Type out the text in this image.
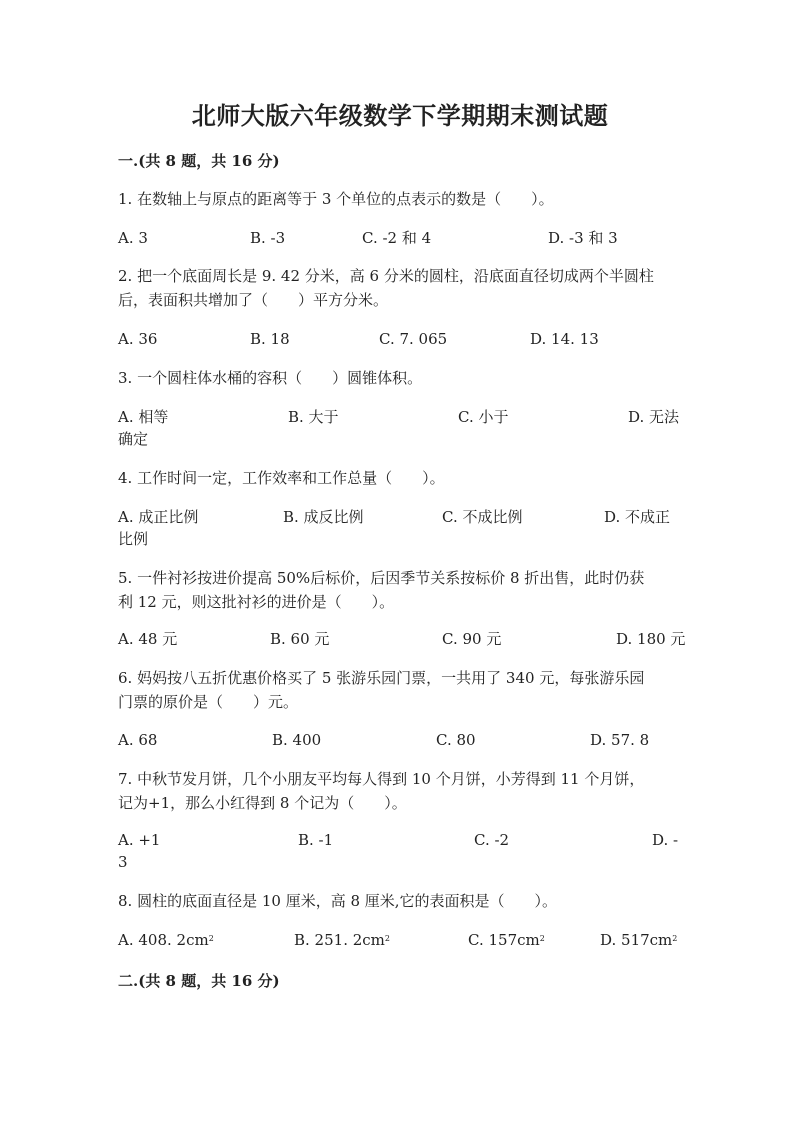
北师大版六年级数学下学期期末测试题
一.(共 8 题，共 16 分)
1. 在数轴上与原点的距离等于 3 个单位的点表示的数是（　　）。
A. 3	B. -3	C. -2 和 4	D. -3 和 3
2. 把一个底面周长是 9. 42 分米，高 6 分米的圆柱，沿底面直径切成两个半圆柱
后，表面积共增加了（　　）平方分米。
A. 36	B. 18	C. 7. 065	D. 14. 13
3. 一个圆柱体水桶的容积（　　）圆锥体积。
A. 相等	B. 大于	C. 小于	D. 无法
确定
4. 工作时间一定，工作效率和工作总量（　　）。
A. 成正比例	B. 成反比例	C. 不成比例	D. 不成正
比例
5. 一件衬衫按进价提高 50%后标价，后因季节关系按标价 8 折出售，此时仍获
利 12 元，则这批衬衫的进价是（　　）。
A. 48 元	B. 60 元	C. 90 元	D. 180 元
6. 妈妈按八五折优惠价格买了 5 张游乐园门票，一共用了 340 元，每张游乐园
门票的原价是（　　）元。
A. 68	B. 400	C. 80	D. 57. 8
7. 中秋节发月饼，几个小朋友平均每人得到 10 个月饼，小芳得到 11 个月饼，
记为+1，那么小红得到 8 个记为（　　）。
A. +1	B. -1	C. -2	D. -
3
8. 圆柱的底面直径是 10 厘米，高 8 厘米,它的表面积是（　　）。
A. 408. $2cm^2$	B. 251. $2cm^2$	C. $157cm^2$	D. $517cm^2$
二.(共 8 题，共 16 分)
